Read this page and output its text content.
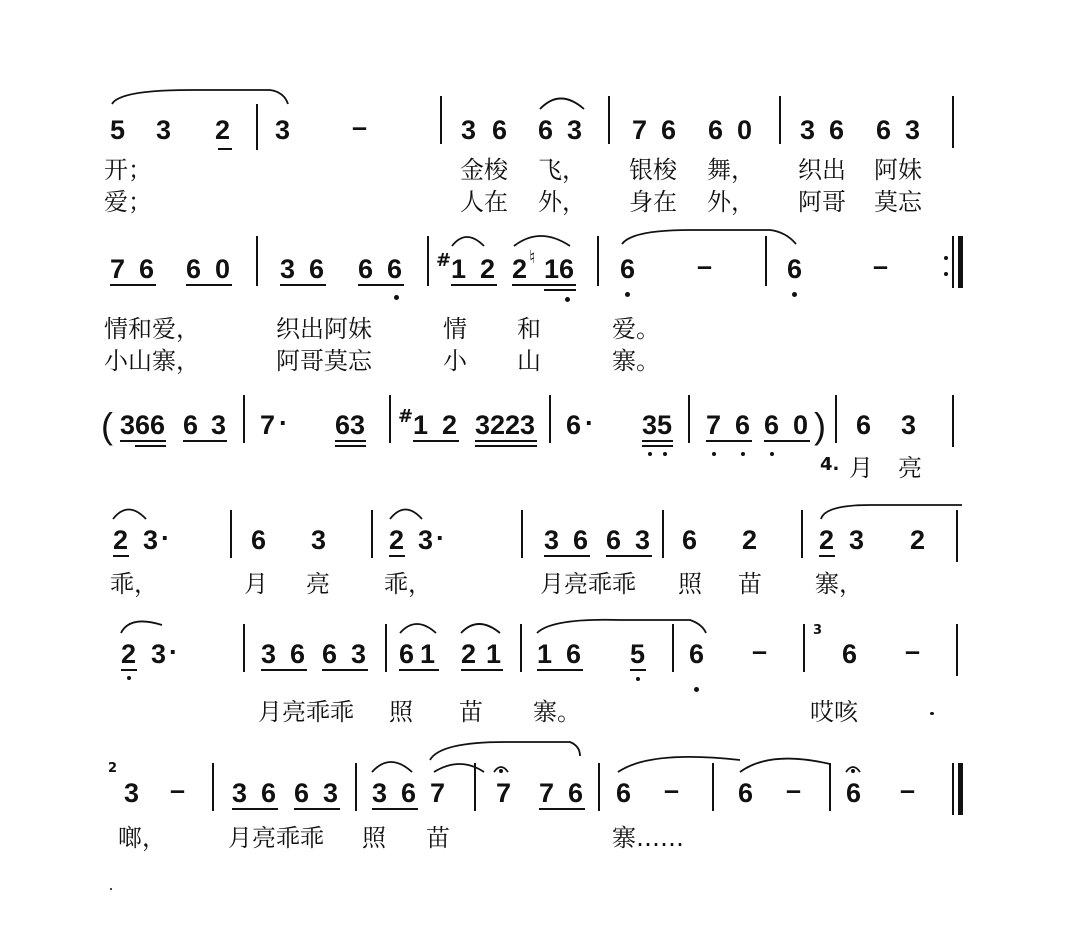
5 3 2 3 –	3 6 6 3 7 6 6 0 3 6 6 3
开；	金梭 飞， 银梭 舞， 织出 阿妹
爱；	人在 外， 身在 外， 阿哥 莫忘
7 6 6 0 3 6 6 6 # 1 2 2 ♮ 1 6 6 –	6	–
情和爱，	织出阿妹	情 和	爱。
小山寨，	阿哥莫忘	小 山	寨。
( 3 6 6 6 3 7 · 6 3 # 1 2 3 2 2 3 6 · 3 5 7 6 6 0 ) 6 3
4. 月 亮
2 3 ·	6 3 2 3 ·	3 6 6 3 6 2 2 3 2
乖，	月 亮 乖，	月亮乖乖 照 苗 寨，
2 3 ·	3 6 6 3 6 1 2 1 1 6 5 6 –
3
6 –
月亮乖乖 照 苗 寨。	哎咳
2
3 – 3 6 6 3 3 6 7 7 7 6 6 – 6 – 6 –
啷，	月亮乖乖 照 苗	寨……
